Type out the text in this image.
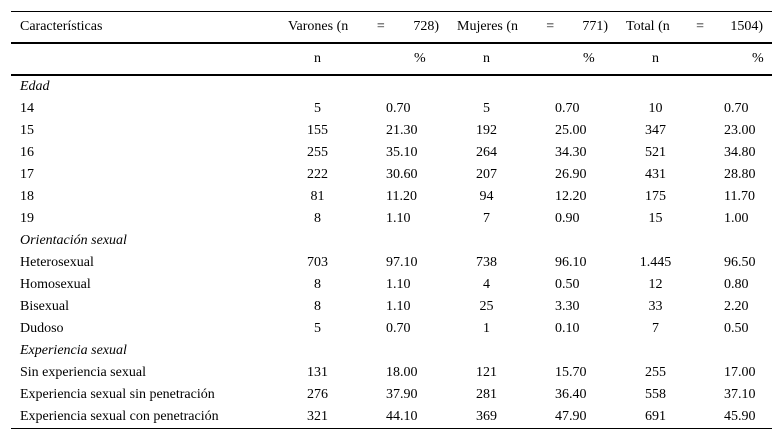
Características	Varones (n = 728)		Mujeres (n = 771)		Total (n = 1504)	

	n	%	n	%	n	%
Edad						
14	5	0.70	5	0.70	10	0.70
15	155	21.30	192	25.00	347	23.00
16	255	35.10	264	34.30	521	34.80
17	222	30.60	207	26.90	431	28.80
18	81	11.20	94	12.20	175	11.70
19	8	1.10	7	0.90	15	1.00
Orientación sexual						
Heterosexual	703	97.10	738	96.10	1.445	96.50
Homosexual	8	1.10	4	0.50	12	0.80
Bisexual	8	1.10	25	3.30	33	2.20
Dudoso	5	0.70	1	0.10	7	0.50
Experiencia sexual						
Sin experiencia sexual	131	18.00	121	15.70	255	17.00
Experiencia sexual sin penetración	276	37.90	281	36.40	558	37.10
Experiencia sexual con penetración	321	44.10	369	47.90	691	45.90
